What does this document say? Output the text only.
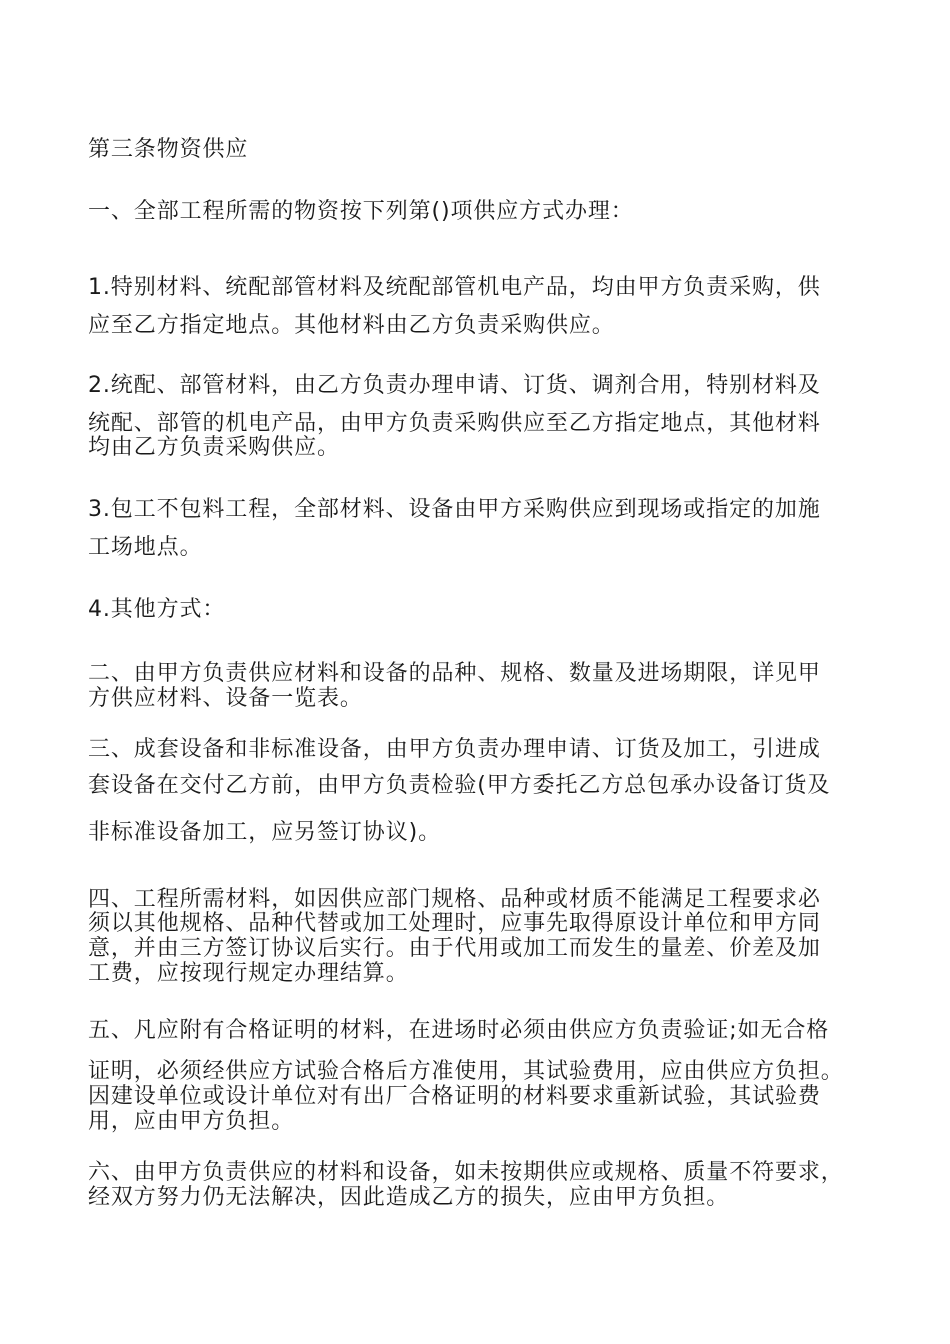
第三条物资供应
一、全部工程所需的物资按下列第()项供应方式办理：
1.特别材料、统配部管材料及统配部管机电产品，均由甲方负责采购，供
应至乙方指定地点。其他材料由乙方负责采购供应。
2.统配、部管材料，由乙方负责办理申请、订货、调剂合用，特别材料及
统配、部管的机电产品，由甲方负责采购供应至乙方指定地点，其他材料
均由乙方负责采购供应。
3.包工不包料工程，全部材料、设备由甲方采购供应到现场或指定的加施
工场地点。
4.其他方式：
二、由甲方负责供应材料和设备的品种、规格、数量及进场期限，详见甲
方供应材料、设备一览表。
三、成套设备和非标准设备，由甲方负责办理申请、订货及加工，引进成
套设备在交付乙方前，由甲方负责检验(甲方委托乙方总包承办设备订货及
非标准设备加工，应另签订协议)。
四、工程所需材料，如因供应部门规格、品种或材质不能满足工程要求必
须以其他规格、品种代替或加工处理时，应事先取得原设计单位和甲方同
意，并由三方签订协议后实行。由于代用或加工而发生的量差、价差及加
工费，应按现行规定办理结算。
五、凡应附有合格证明的材料，在进场时必须由供应方负责验证;如无合格
证明，必须经供应方试验合格后方准使用，其试验费用，应由供应方负担。
因建设单位或设计单位对有出厂合格证明的材料要求重新试验，其试验费
用，应由甲方负担。
六、由甲方负责供应的材料和设备，如未按期供应或规格、质量不符要求，
经双方努力仍无法解决，因此造成乙方的损失，应由甲方负担。
